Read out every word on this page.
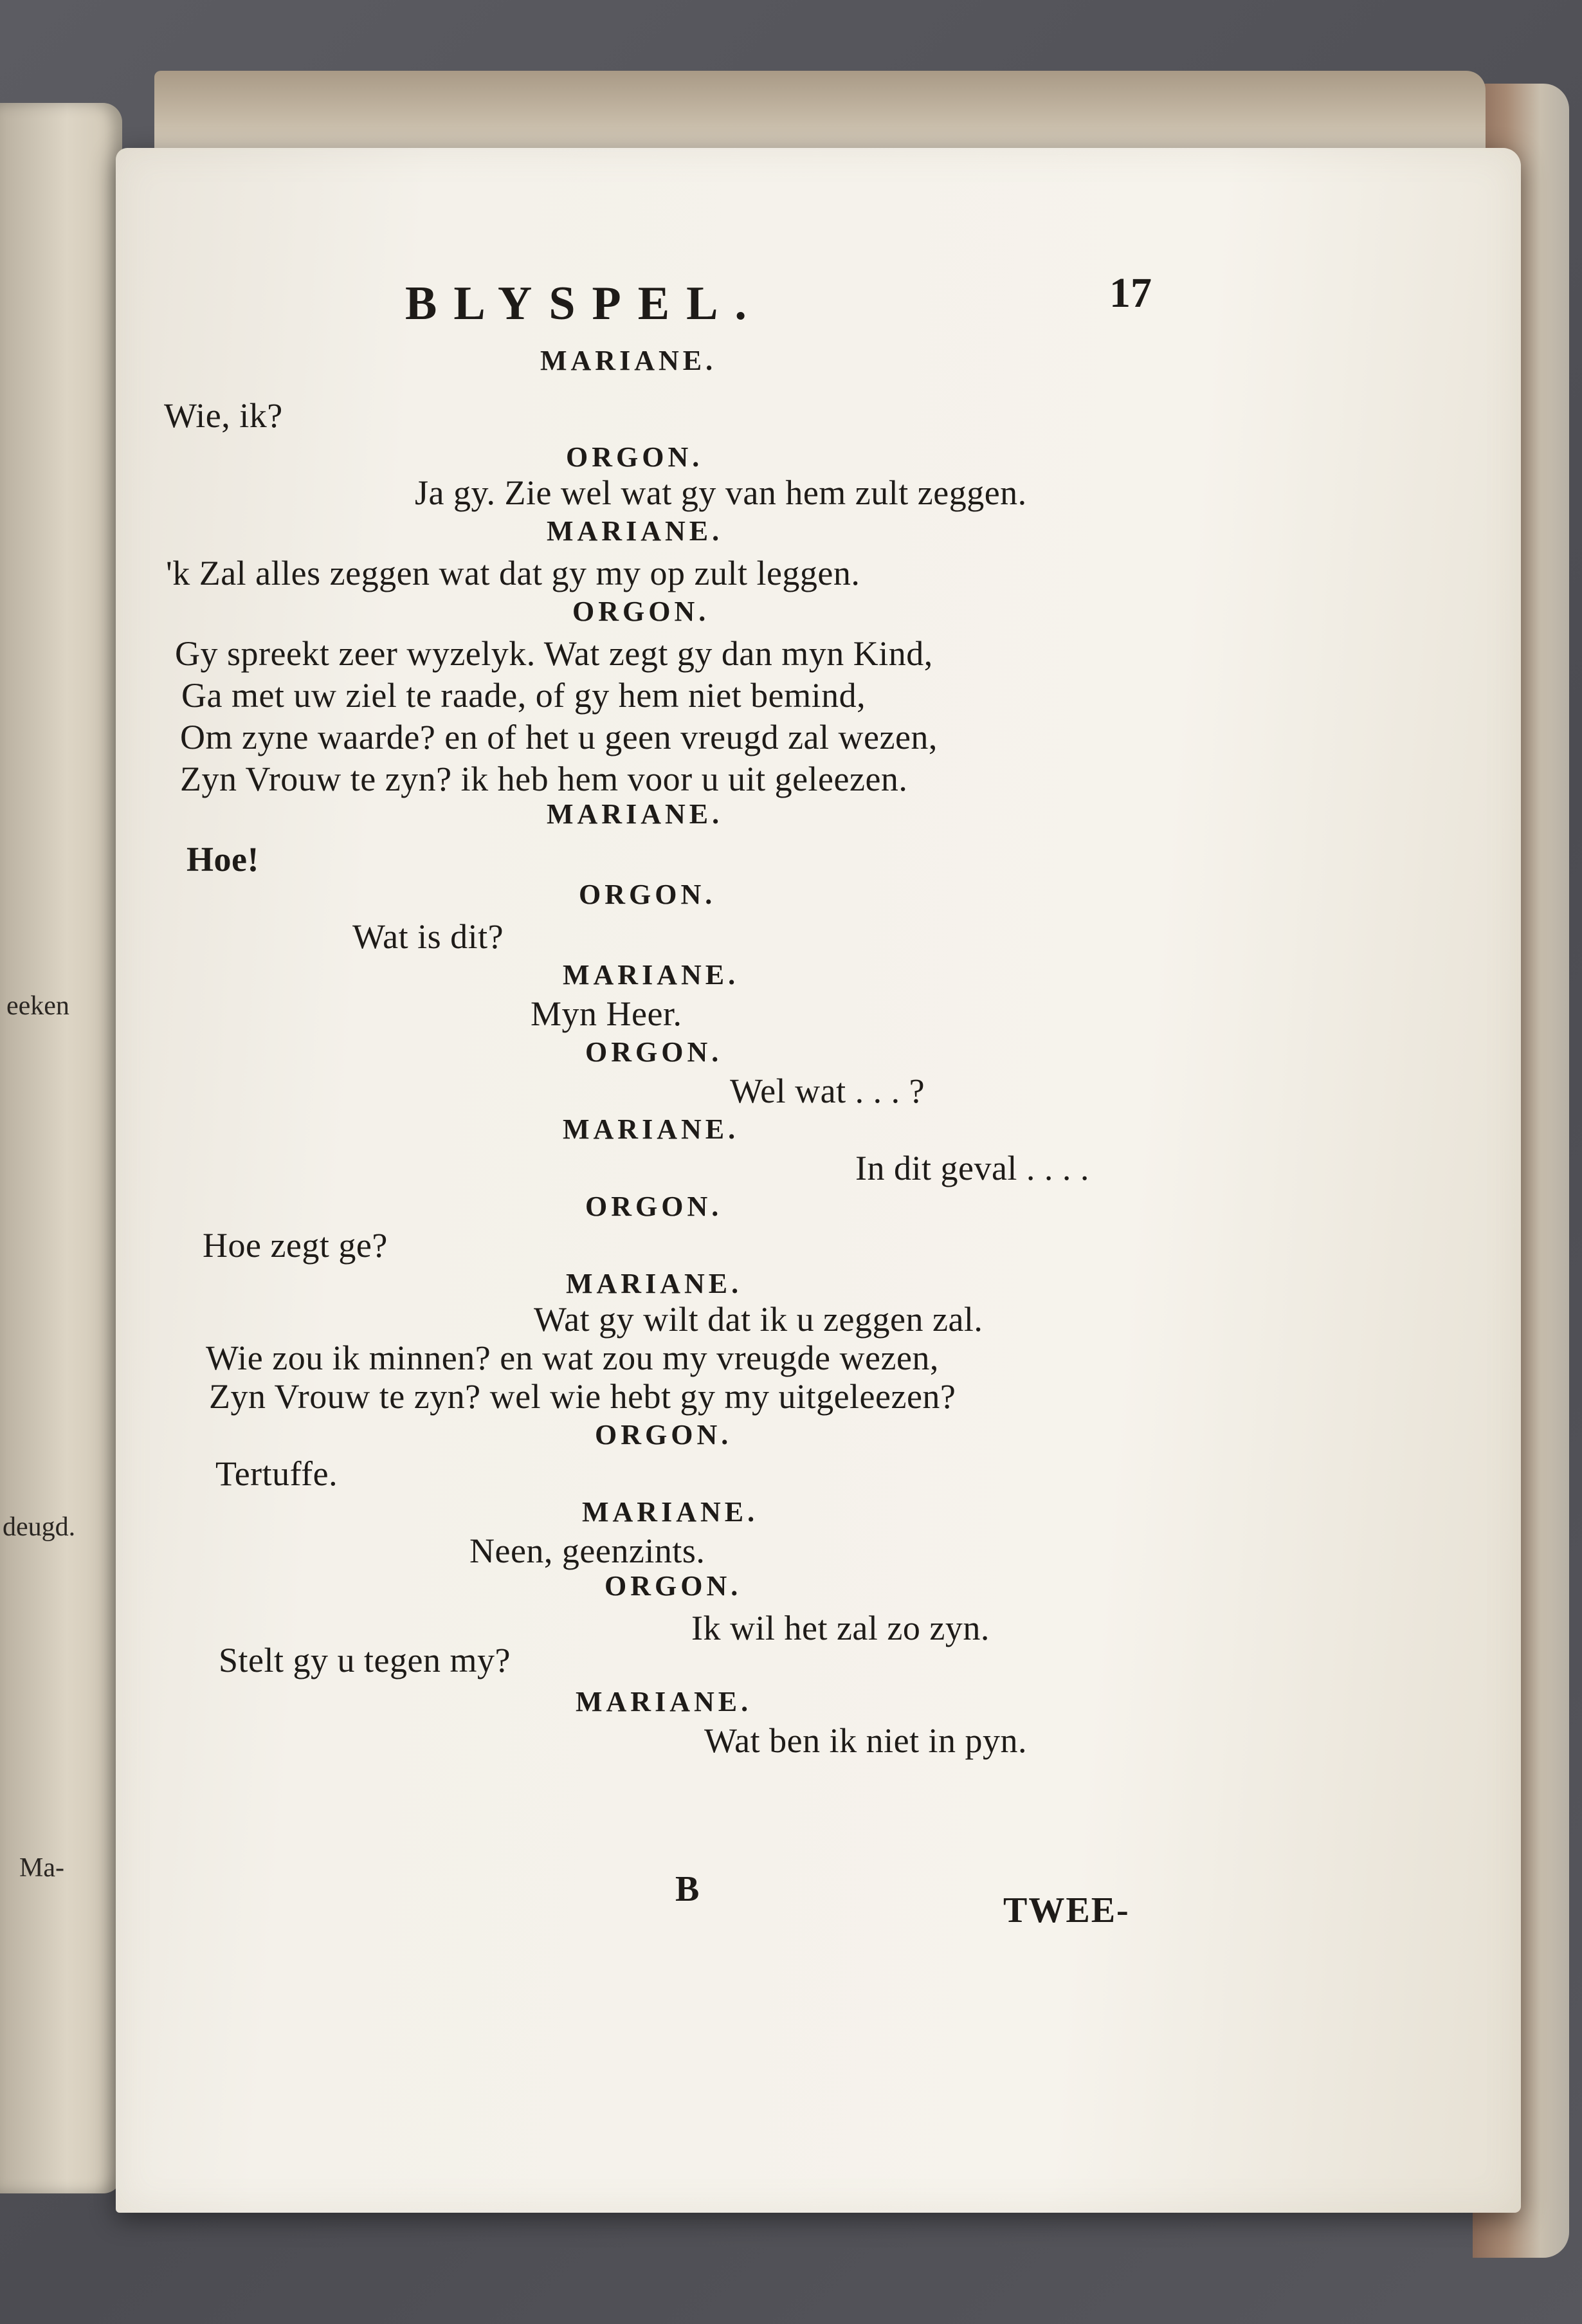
eeken
deugd.
Ma-
BLYSPEL.	17
MARIANE.
Wie, ik?
ORGON.
Ja gy. Zie wel wat gy van hem zult zeggen.
MARIANE.
'k Zal alles zeggen wat dat gy my op zult leggen.
ORGON.
Gy spreekt zeer wyzelyk. Wat zegt gy dan myn Kind,
Ga met uw ziel te raade, of gy hem niet bemind,
Om zyne waarde? en of het u geen vreugd zal wezen,
Zyn Vrouw te zyn? ik heb hem voor u uit geleezen.
MARIANE.
Hoe!
ORGON.
Wat is dit?
MARIANE.
Myn Heer.
ORGON.
Wel wat . . . ?
MARIANE.
In dit geval . . . .
ORGON.
Hoe zegt ge?
MARIANE.
Wat gy wilt dat ik u zeggen zal.
Wie zou ik minnen? en wat zou my vreugde wezen,
Zyn Vrouw te zyn? wel wie hebt gy my uitgeleezen?
ORGON.
Tertuffe.
MARIANE.
Neen, geenzints.
ORGON.
Ik wil het zal zo zyn.
Stelt gy u tegen my?
MARIANE.
Wat ben ik niet in pyn.
B
TWEE-
